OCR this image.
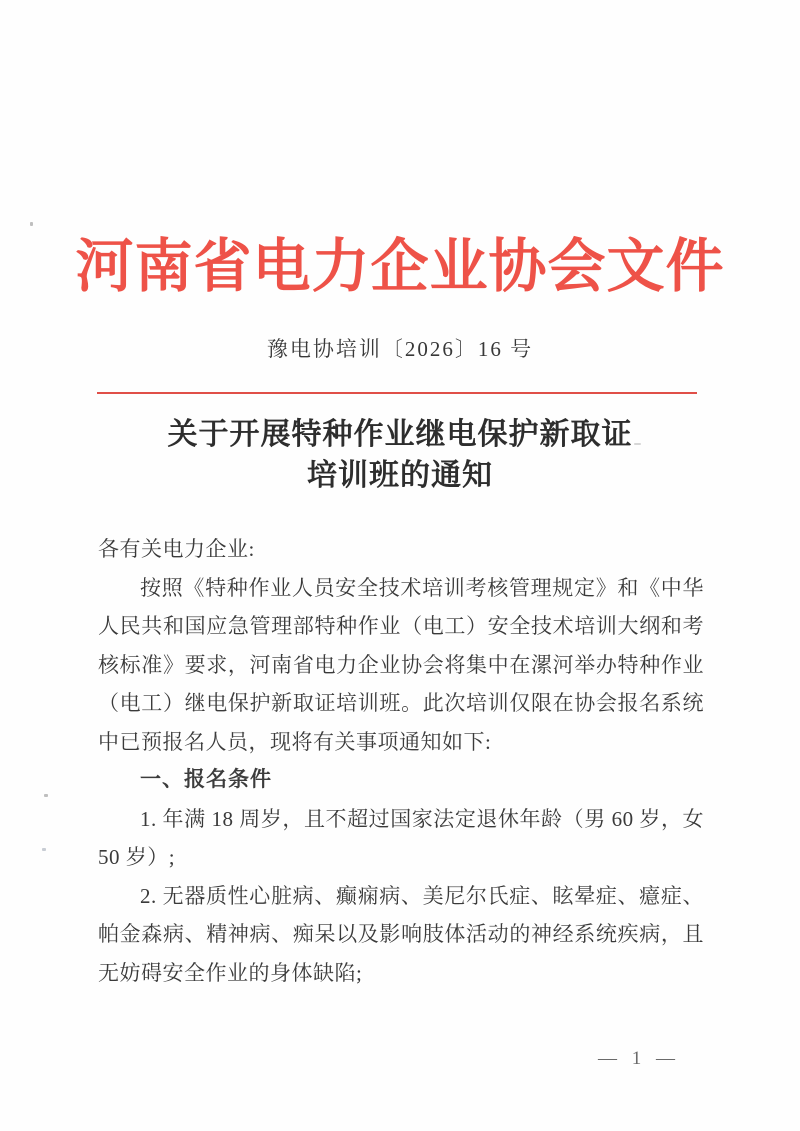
河南省电力企业协会文件
豫电协培训〔2026〕16 号
关于开展特种作业继电保护新取证
培训班的通知

各有关电力企业:

按照《特种作业人员安全技术培训考核管理规定》和《中华人民共和国应急管理部特种作业（电工）安全技术培训大纲和考核标准》要求，河南省电力企业协会将集中在漯河举办特种作业（电工）继电保护新取证培训班。此次培训仅限在协会报名系统中已预报名人员，现将有关事项通知如下:

一、报名条件

1. 年满 18 周岁，且不超过国家法定退休年龄（男 60 岁，女 50 岁）;

2. 无器质性心脏病、癫痫病、美尼尔氏症、眩晕症、癔症、帕金森病、精神病、痴呆以及影响肢体活动的神经系统疾病，且无妨碍安全作业的身体缺陷;

— 1 —
